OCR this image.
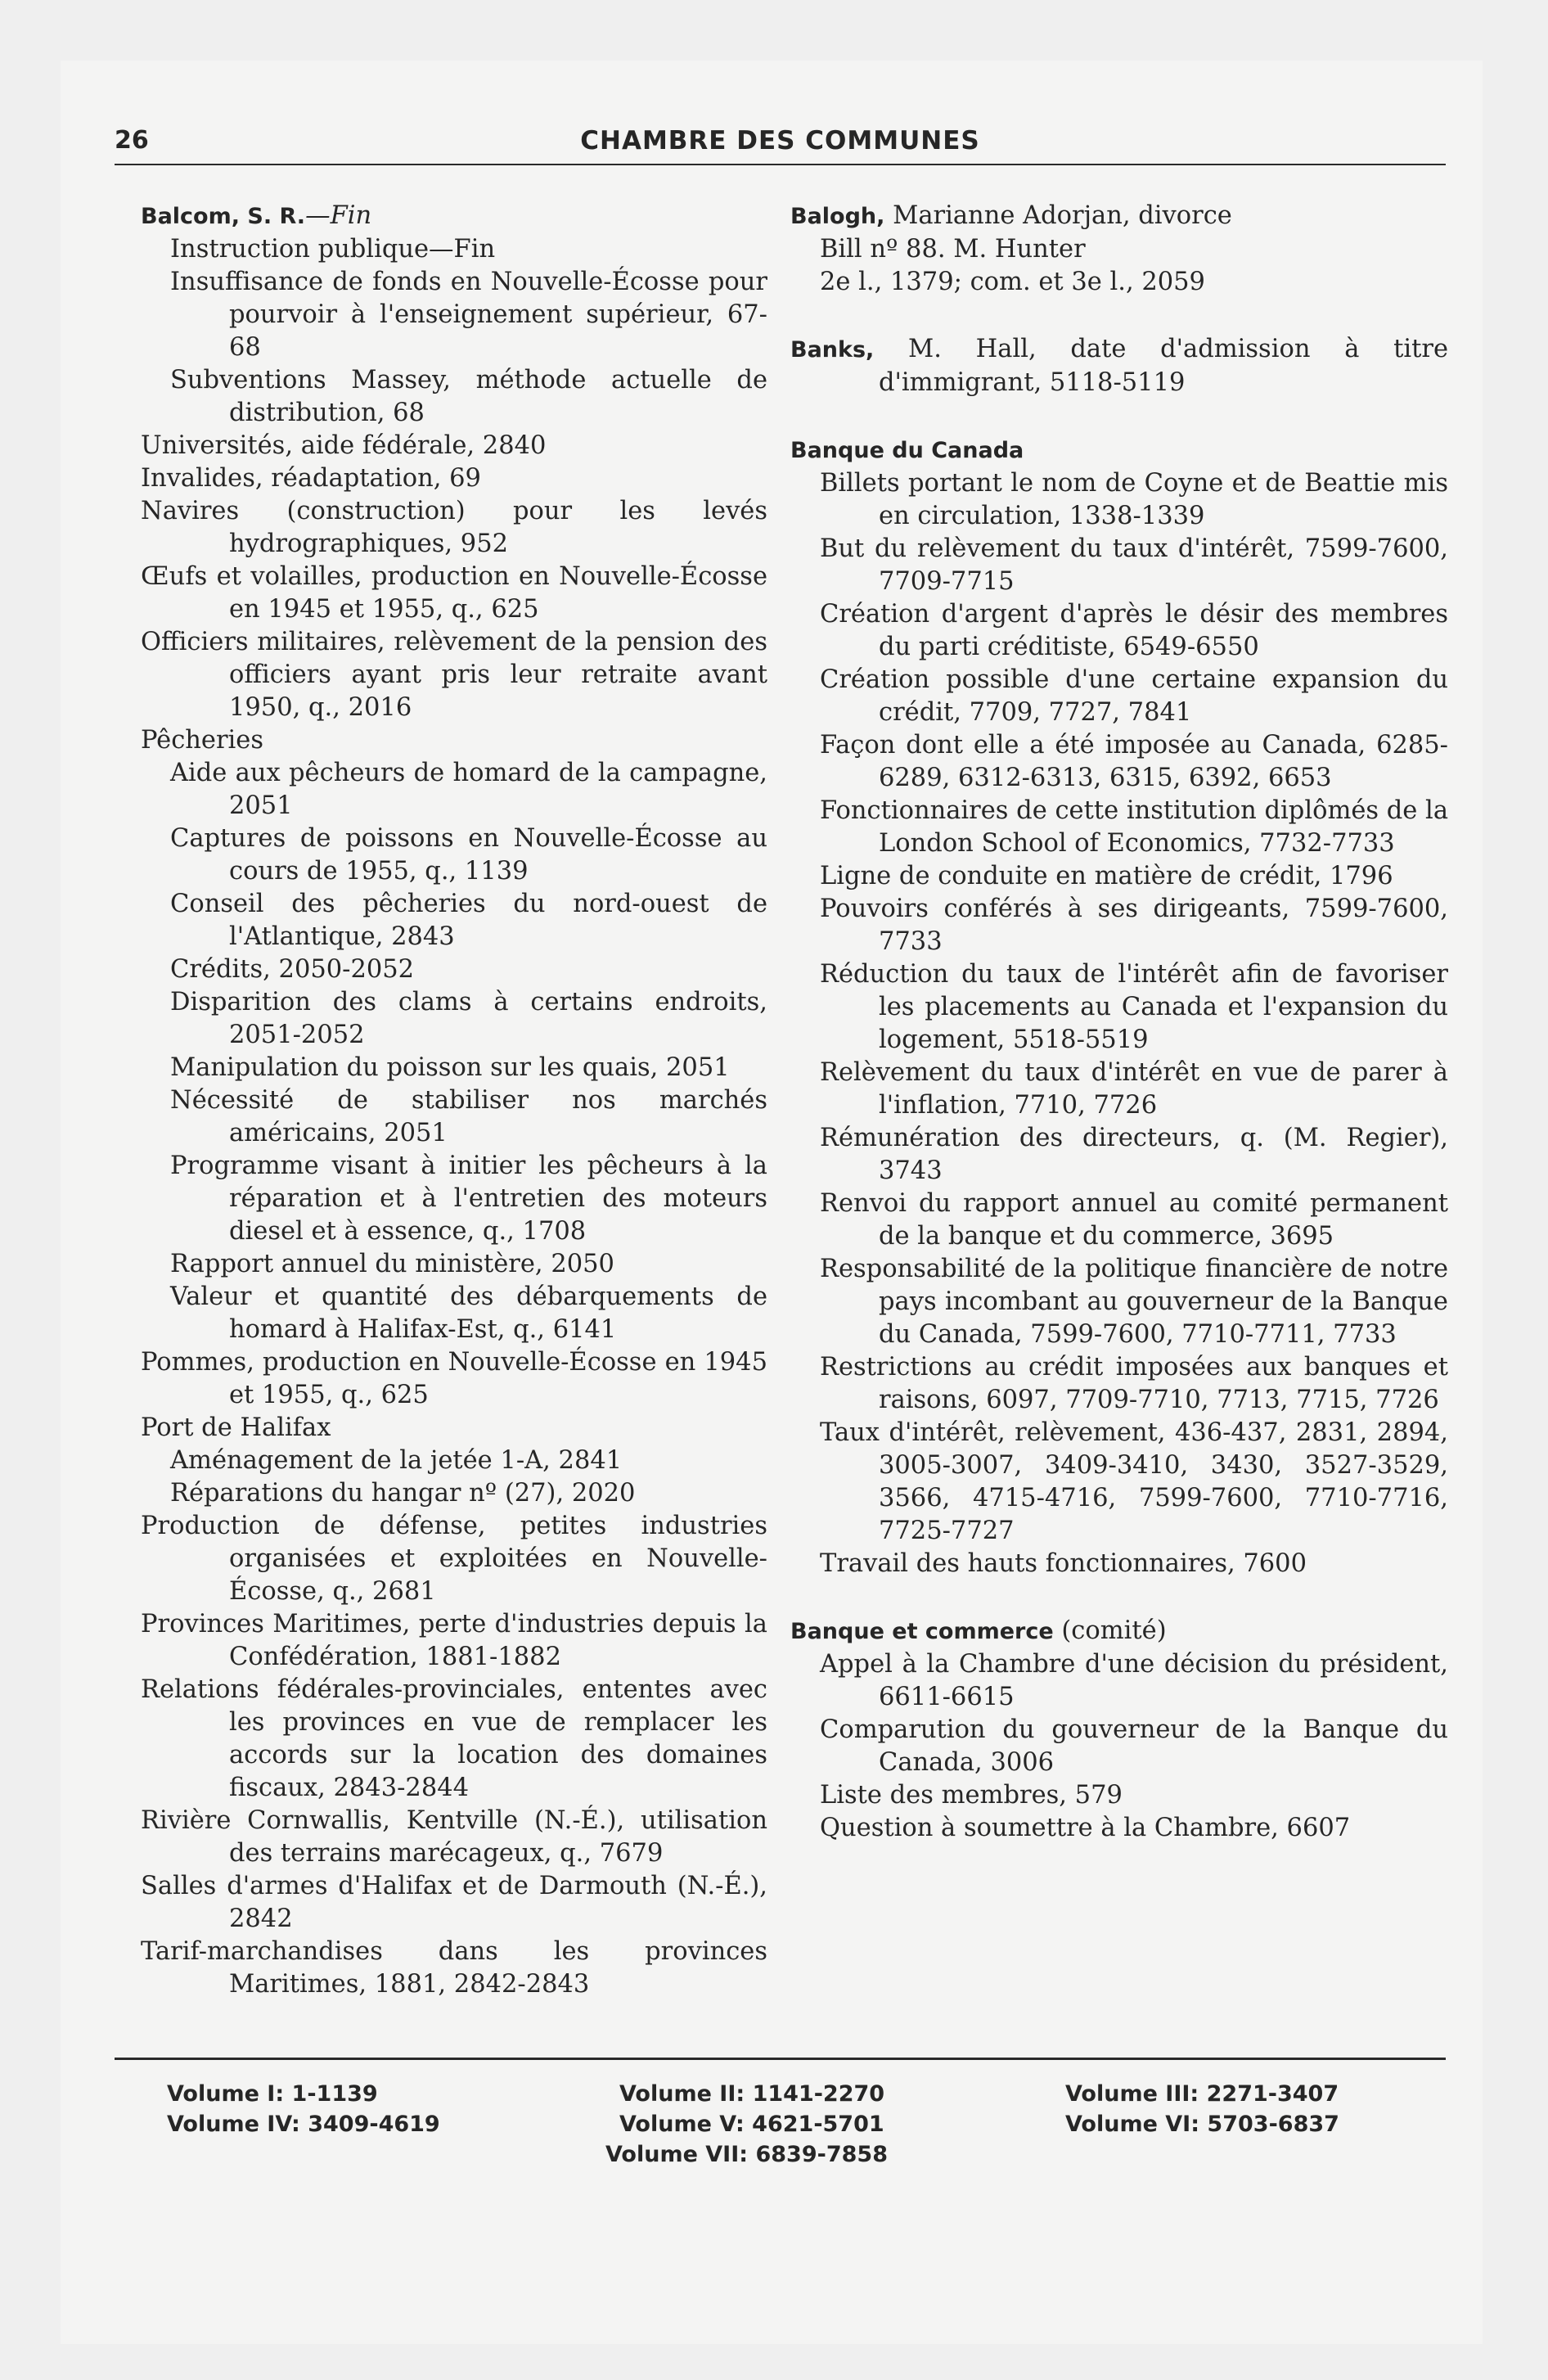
26	CHAMBRE DES COMMUNES
Balcom, S. R.—Fin
Instruction publique—Fin
Insuffisance de fonds en Nouvelle-Écosse pour pourvoir à l'enseignement supérieur, 67-68
Subventions Massey, méthode actuelle de distribution, 68
Universités, aide fédérale, 2840
Invalides, réadaptation, 69
Navires (construction) pour les levés hydrographiques, 952
Œufs et volailles, production en Nouvelle-Écosse en 1945 et 1955, q., 625
Officiers militaires, relèvement de la pension des officiers ayant pris leur retraite avant 1950, q., 2016
Pêcheries
Aide aux pêcheurs de homard de la campagne, 2051
Captures de poissons en Nouvelle-Écosse au cours de 1955, q., 1139
Conseil des pêcheries du nord-ouest de l'Atlantique, 2843
Crédits, 2050-2052
Disparition des clams à certains endroits, 2051-2052
Manipulation du poisson sur les quais, 2051
Nécessité de stabiliser nos marchés américains, 2051
Programme visant à initier les pêcheurs à la réparation et à l'entretien des moteurs diesel et à essence, q., 1708
Rapport annuel du ministère, 2050
Valeur et quantité des débarquements de homard à Halifax-Est, q., 6141
Pommes, production en Nouvelle-Écosse en 1945 et 1955, q., 625
Port de Halifax
Aménagement de la jetée 1-A, 2841
Réparations du hangar nº (27), 2020
Production de défense, petites industries organisées et exploitées en Nouvelle-Écosse, q., 2681
Provinces Maritimes, perte d'industries depuis la Confédération, 1881-1882
Relations fédérales-provinciales, ententes avec les provinces en vue de remplacer les accords sur la location des domaines fiscaux, 2843-2844
Rivière Cornwallis, Kentville (N.-É.), utilisation des terrains marécageux, q., 7679
Salles d'armes d'Halifax et de Darmouth (N.-É.), 2842
Tarif-marchandises dans les provinces Maritimes, 1881, 2842-2843
Balogh, Marianne Adorjan, divorce
Bill nº 88. M. Hunter
2e l., 1379; com. et 3e l., 2059
Banks, M. Hall, date d'admission à titre d'immigrant, 5118-5119
Banque du Canada
Billets portant le nom de Coyne et de Beattie mis en circulation, 1338-1339
But du relèvement du taux d'intérêt, 7599-7600, 7709-7715
Création d'argent d'après le désir des membres du parti créditiste, 6549-6550
Création possible d'une certaine expansion du crédit, 7709, 7727, 7841
Façon dont elle a été imposée au Canada, 6285-6289, 6312-6313, 6315, 6392, 6653
Fonctionnaires de cette institution diplômés de la London School of Economics, 7732-7733
Ligne de conduite en matière de crédit, 1796
Pouvoirs conférés à ses dirigeants, 7599-7600, 7733
Réduction du taux de l'intérêt afin de favoriser les placements au Canada et l'expansion du logement, 5518-5519
Relèvement du taux d'intérêt en vue de parer à l'inflation, 7710, 7726
Rémunération des directeurs, q. (M. Regier), 3743
Renvoi du rapport annuel au comité permanent de la banque et du commerce, 3695
Responsabilité de la politique financière de notre pays incombant au gouverneur de la Banque du Canada, 7599-7600, 7710-7711, 7733
Restrictions au crédit imposées aux banques et raisons, 6097, 7709-7710, 7713, 7715, 7726
Taux d'intérêt, relèvement, 436-437, 2831, 2894, 3005-3007, 3409-3410, 3430, 3527-3529, 3566, 4715-4716, 7599-7600, 7710-7716, 7725-7727
Travail des hauts fonctionnaires, 7600
Banque et commerce (comité)
Appel à la Chambre d'une décision du président, 6611-6615
Comparution du gouverneur de la Banque du Canada, 3006
Liste des membres, 579
Question à soumettre à la Chambre, 6607
Volume I: 1-1139
Volume IV: 3409-4619
Volume II: 1141-2270
Volume V: 4621-5701
Volume VII: 6839-7858
Volume III: 2271-3407
Volume VI: 5703-6837
